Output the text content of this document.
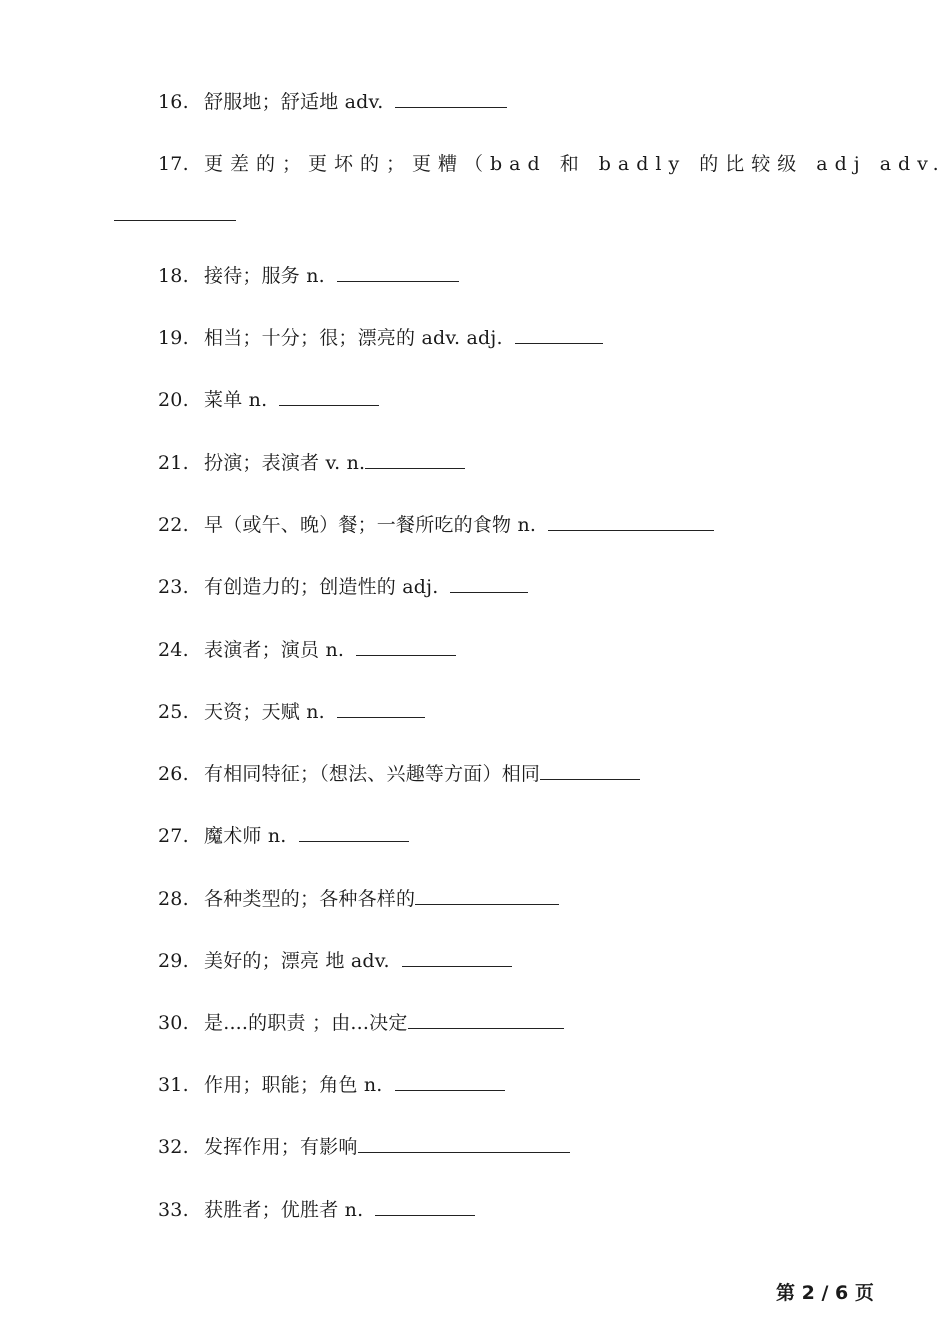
16. 舒服地；舒适地 adv.
17. 更差的；更坏的；更糟（bad 和 badly 的比较级 adj adv.
18. 接待；服务 n.
19. 相当；十分；很；漂亮的 adv. adj.
20. 菜单 n.
21. 扮演；表演者 v. n.
22. 早（或午、晚）餐；一餐所吃的食物 n.
23. 有创造力的；创造性的 adj.
24. 表演者；演员 n.
25. 天资；天赋 n.
26. 有相同特征；（想法、兴趣等方面）相同
27. 魔术师 n.
28. 各种类型的；各种各样的
29. 美好的；漂亮 地 adv.
30. 是....的职责 ；由...决定
31. 作用；职能；角色 n.
32. 发挥作用；有影响
33. 获胜者；优胜者 n.
第 2 / 6 页
